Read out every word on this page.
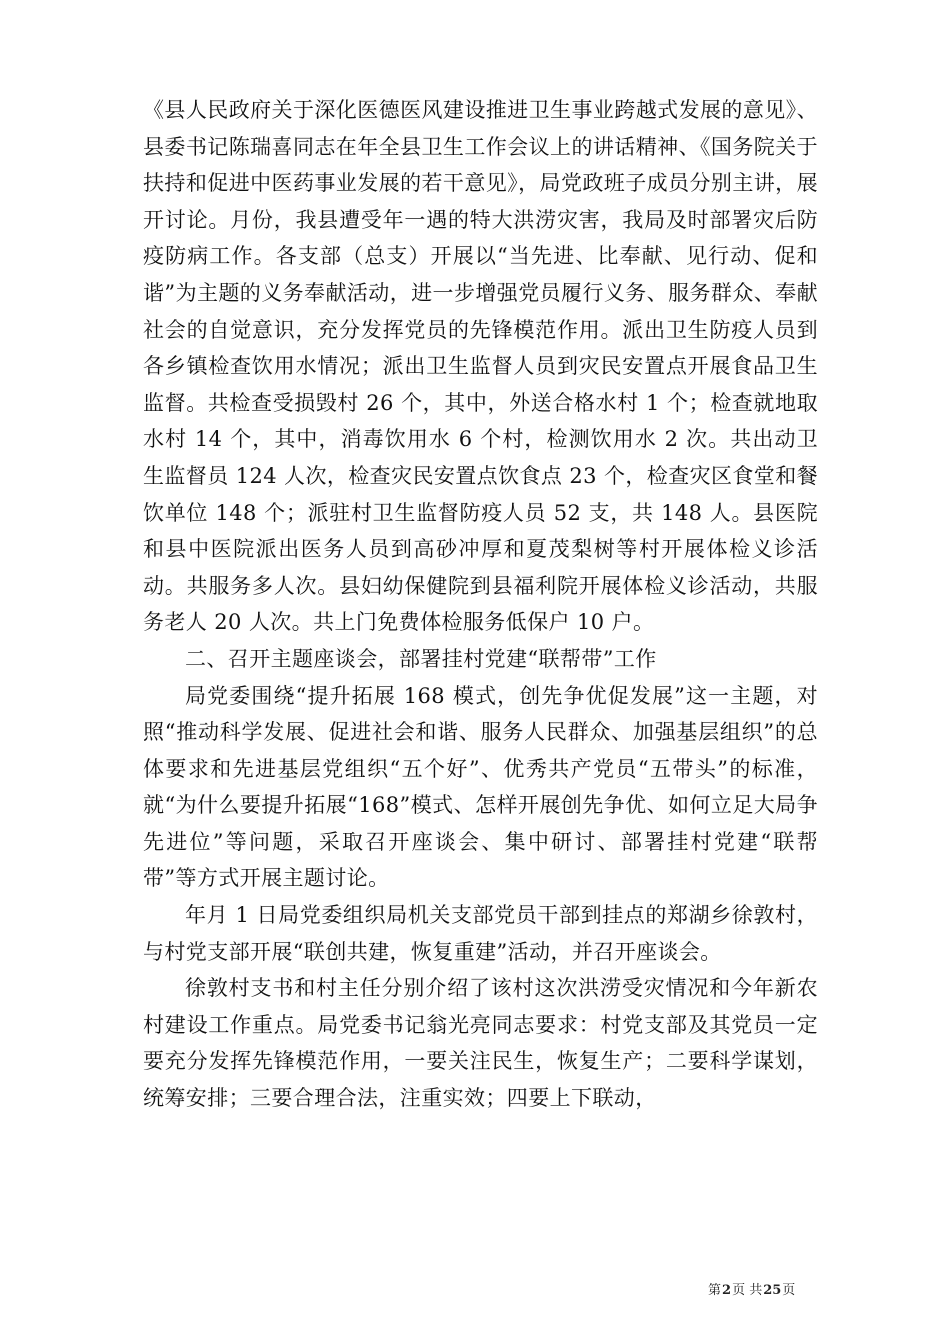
《县人民政府关于深化医德医风建设推进卫生事业跨越式发展的意见》、县委书记陈瑞喜同志在年全县卫生工作会议上的讲话精神、《国务院关于扶持和促进中医药事业发展的若干意见》，局党政班子成员分别主讲，展开讨论。月份，我县遭受年一遇的特大洪涝灾害，我局及时部署灾后防疫防病工作。各支部（总支）开展以“当先进、比奉献、见行动、促和谐”为主题的义务奉献活动，进一步增强党员履行义务、服务群众、奉献社会的自觉意识，充分发挥党员的先锋模范作用。派出卫生防疫人员到各乡镇检查饮用水情况；派出卫生监督人员到灾民安置点开展食品卫生监督。共检查受损毁村 26 个，其中，外送合格水村 1 个；检查就地取水村 14 个，其中，消毒饮用水 6 个村，检测饮用水 2 次。共出动卫生监督员 124 人次，检查灾民安置点饮食点 23 个，检查灾区食堂和餐饮单位 148 个；派驻村卫生监督防疫人员 52 支，共 148 人。县医院和县中医院派出医务人员到高砂冲厚和夏茂梨树等村开展体检义诊活动。共服务多人次。县妇幼保健院到县福利院开展体检义诊活动，共服务老人 20 人次。共上门免费体检服务低保户 10 户。

二、召开主题座谈会，部署挂村党建“联帮带”工作

局党委围绕“提升拓展 168 模式，创先争优促发展”这一主题，对照“推动科学发展、促进社会和谐、服务人民群众、加强基层组织”的总体要求和先进基层党组织“五个好”、优秀共产党员“五带头”的标准，就“为什么要提升拓展“168”模式、怎样开展创先争优、如何立足大局争先进位”等问题，采取召开座谈会、集中研讨、部署挂村党建“联帮带”等方式开展主题讨论。

年月 1 日局党委组织局机关支部党员干部到挂点的郑湖乡徐敦村，与村党支部开展“联创共建，恢复重建”活动，并召开座谈会。

徐敦村支书和村主任分别介绍了该村这次洪涝受灾情况和今年新农村建设工作重点。局党委书记翁光亮同志要求：村党支部及其党员一定要充分发挥先锋模范作用，一要关注民生，恢复生产；二要科学谋划，统筹安排；三要合理合法，注重实效；四要上下联动，

第2页 共25页
